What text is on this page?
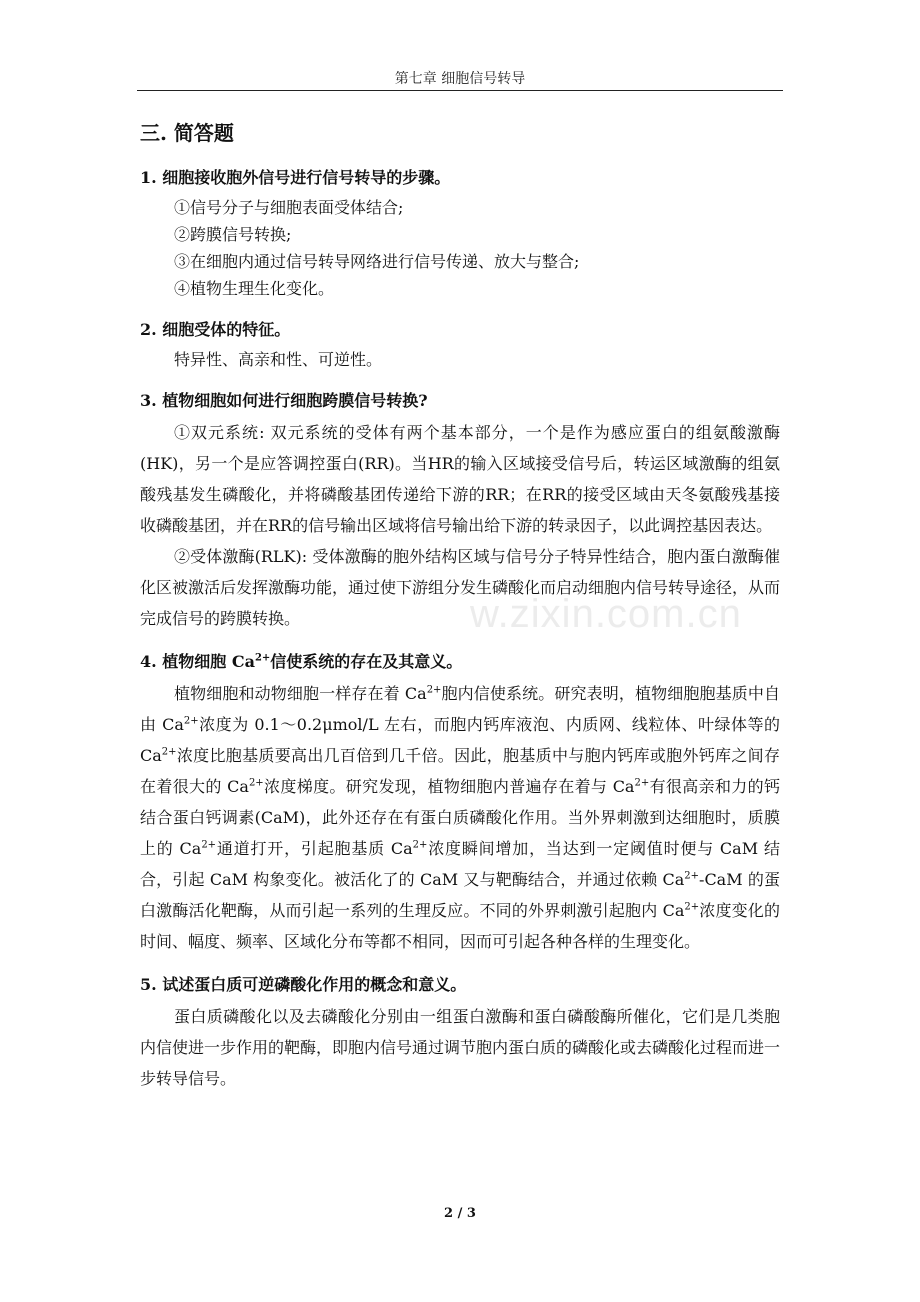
第七章 细胞信号转导
w.zixin.com.cn
三. 简答题

1. 细胞接收胞外信号进行信号转导的步骤。

①信号分子与细胞表面受体结合;
②跨膜信号转换;
③在细胞内通过信号转导网络进行信号传递、放大与整合;
④植物生理生化变化。

2. 细胞受体的特征。

特异性、高亲和性、可逆性。

3. 植物细胞如何进行细胞跨膜信号转换?

①双元系统: 双元系统的受体有两个基本部分，一个是作为感应蛋白的组氨酸激酶(HK)，另一个是应答调控蛋白(RR)。当HR的输入区域接受信号后，转运区域激酶的组氨酸残基发生磷酸化，并将磷酸基团传递给下游的RR；在RR的接受区域由天冬氨酸残基接收磷酸基团，并在RR的信号输出区域将信号输出给下游的转录因子，以此调控基因表达。

②受体激酶(RLK): 受体激酶的胞外结构区域与信号分子特异性结合，胞内蛋白激酶催化区被激活后发挥激酶功能，通过使下游组分发生磷酸化而启动细胞内信号转导途径，从而完成信号的跨膜转换。

4. 植物细胞 $Ca^{2+}$信使系统的存在及其意义。

植物细胞和动物细胞一样存在着 $Ca^{2+}$胞内信使系统。研究表明，植物细胞胞基质中自由 $Ca^{2+}$浓度为 0.1～0.2μmol/L 左右，而胞内钙库液泡、内质网、线粒体、叶绿体等的 $Ca^{2+}$浓度比胞基质要高出几百倍到几千倍。因此，胞基质中与胞内钙库或胞外钙库之间存在着很大的 $Ca^{2+}$浓度梯度。研究发现，植物细胞内普遍存在着与 $Ca^{2+}$有很高亲和力的钙结合蛋白钙调素(CaM)，此外还存在有蛋白质磷酸化作用。当外界刺激到达细胞时，质膜上的 $Ca^{2+}$通道打开，引起胞基质 $Ca^{2+}$浓度瞬间增加，当达到一定阈值时便与 CaM 结合，引起 CaM 构象变化。被活化了的 CaM 又与靶酶结合，并通过依赖 $Ca^{2+}$-CaM 的蛋白激酶活化靶酶，从而引起一系列的生理反应。不同的外界刺激引起胞内 $Ca^{2+}$浓度变化的时间、幅度、频率、区域化分布等都不相同，因而可引起各种各样的生理变化。

5. 试述蛋白质可逆磷酸化作用的概念和意义。

蛋白质磷酸化以及去磷酸化分别由一组蛋白激酶和蛋白磷酸酶所催化，它们是几类胞内信使进一步作用的靶酶，即胞内信号通过调节胞内蛋白质的磷酸化或去磷酸化过程而进一步转导信号。

2 / 3
